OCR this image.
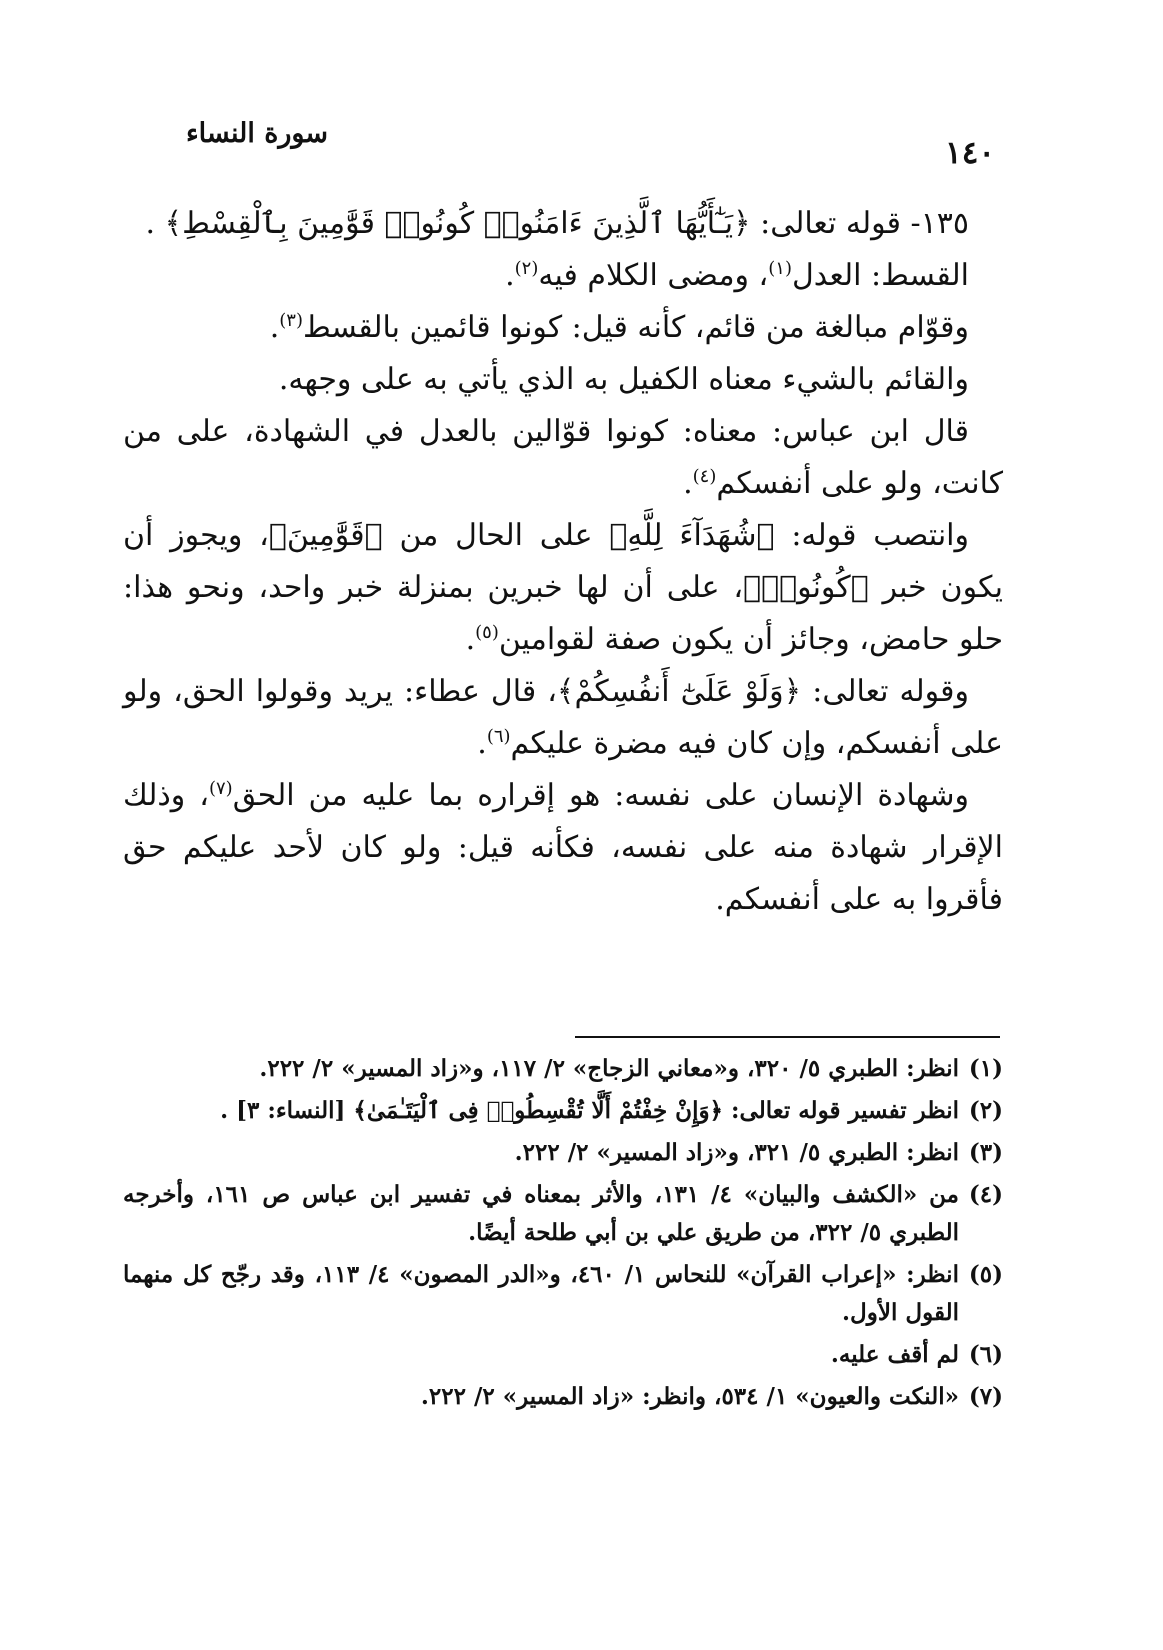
سورة النساء
١٤٠

١٣٥- قوله تعالى: ﴿يَـٰٓأَيُّهَا ٱلَّذِينَ ءَامَنُوا۟ كُونُوا۟ قَوَّٰمِينَ بِٱلْقِسْطِ﴾ .

القسط: العدل$^{(١)}$، ومضى الكلام فيه$^{(٢)}$.

وقوّام مبالغة من قائم، كأنه قيل: كونوا قائمين بالقسط$^{(٣)}$.

والقائم بالشيء معناه الكفيل به الذي يأتي به على وجهه.

قال ابن عباس: معناه: كونوا قوّالين بالعدل في الشهادة، على من كانت، ولو على أنفسكم$^{(٤)}$.

وانتصب قوله: ﴿شُهَدَآءَ لِلَّهِ﴾ على الحال من ﴿قَوَّٰمِينَ﴾، ويجوز أن يكون خبر ﴿كُونُوا۟﴾، على أن لها خبرين بمنزلة خبر واحد، ونحو هذا: حلو حامض، وجائز أن يكون صفة لقوامين$^{(٥)}$.

وقوله تعالى: ﴿وَلَوْ عَلَىٰٓ أَنفُسِكُمْ﴾، قال عطاء: يريد وقولوا الحق، ولو على أنفسكم، وإن كان فيه مضرة عليكم$^{(٦)}$.

وشهادة الإنسان على نفسه: هو إقراره بما عليه من الحق$^{(٧)}$، وذلك الإقرار شهادة منه على نفسه، فكأنه قيل: ولو كان لأحد عليكم حق فأقروا به على أنفسكم.

(١)
انظر: الطبري ٥/ ٣٢٠، و«معاني الزجاج» ٢/ ١١٧، و«زاد المسير» ٢/ ٢٢٢.
(٢)
انظر تفسير قوله تعالى: ﴿وَإِنْ خِفْتُمْ أَلَّا تُقْسِطُوا۟ فِى ٱلْيَتَـٰمَىٰ﴾ [النساء: ٣] .
(٣)
انظر: الطبري ٥/ ٣٢١، و«زاد المسير» ٢/ ٢٢٢.
(٤)
من «الكشف والبيان» ٤/ ١٣١، والأثر بمعناه في تفسير ابن عباس ص ١٦١، وأخرجه الطبري ٥/ ٣٢٢، من طريق علي بن أبي طلحة أيضًا.
(٥)
انظر: «إعراب القرآن» للنحاس ١/ ٤٦٠، و«الدر المصون» ٤/ ١١٣، وقد رجّح كل منهما القول الأول.
(٦)
لم أقف عليه.
(٧)
«النكت والعيون» ١/ ٥٣٤، وانظر: «زاد المسير» ٢/ ٢٢٢.
